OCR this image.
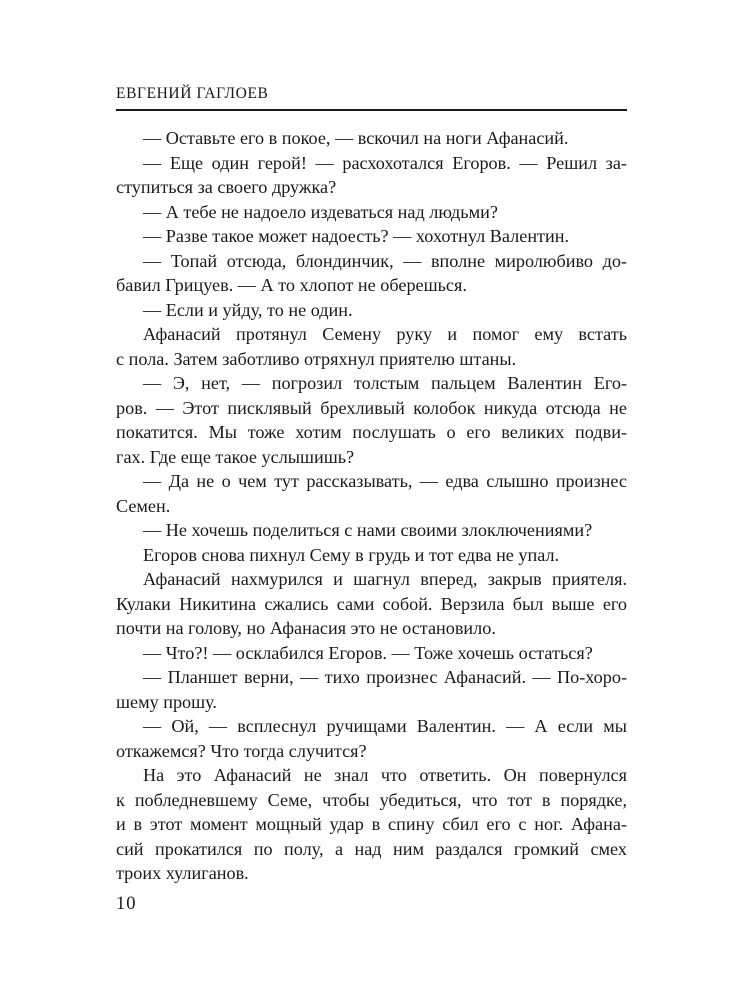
ЕВГЕНИЙ ГАГЛОЕВ

— Оставьте его в покое, — вскочил на ноги Афанасий.

— Еще один герой! — расхохотался Егоров. — Решил за-
ступиться за своего дружка?

— А тебе не надоело издеваться над людьми?

— Разве такое может надоесть? — хохотнул Валентин.

— Топай отсюда, блондинчик, — вполне миролюбиво до-
бавил Грицуев. — А то хлопот не оберешься.

— Если и уйду, то не один.

Афанасий протянул Семену руку и помог ему встать
с пола. Затем заботливо отряхнул приятелю штаны.

— Э, нет, — погрозил толстым пальцем Валентин Его-
ров. — Этот писклявый брехливый колобок никуда отсюда не
покатится. Мы тоже хотим послушать о его великих подви-
гах. Где еще такое услышишь?

— Да не о чем тут рассказывать, — едва слышно произнес
Семен.

— Не хочешь поделиться с нами своими злоключениями?

Егоров снова пихнул Сему в грудь и тот едва не упал.

Афанасий нахмурился и шагнул вперед, закрыв приятеля.
Кулаки Никитина сжались сами собой. Верзила был выше его
почти на голову, но Афанасия это не остановило.

— Что?! — осклабился Егоров. — Тоже хочешь остаться?

— Планшет верни, — тихо произнес Афанасий. — По-хоро-
шему прошу.

— Ой, — всплеснул ручищами Валентин. — А если мы
откажемся? Что тогда случится?

На это Афанасий не знал что ответить. Он повернулся
к побледневшему Семе, чтобы убедиться, что тот в порядке,
и в этот момент мощный удар в спину сбил его с ног. Афана-
сий прокатился по полу, а над ним раздался громкий смех
троих хулиганов.

10
